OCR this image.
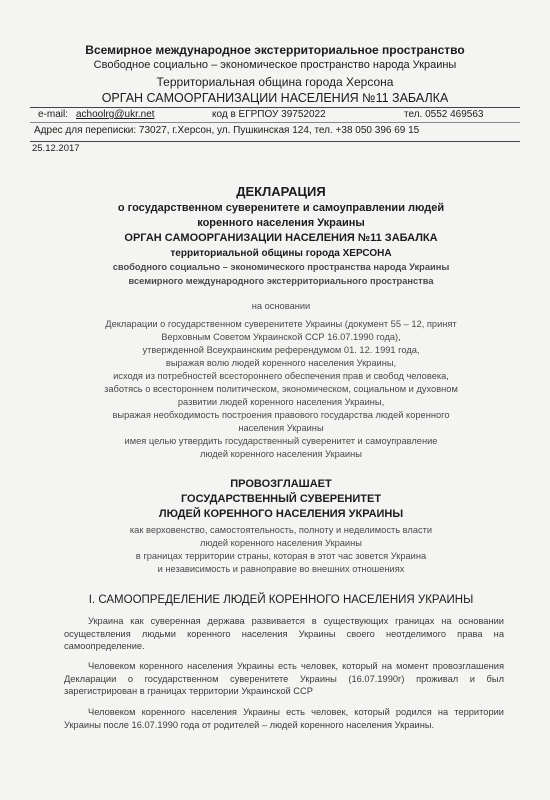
Всемирное международное экстерриториальное пространство
Свободное социально – экономическое пространство народа Украины
Территориальная община города Херсона
ОРГАН САМООРГАНИЗАЦИИ НАСЕЛЕНИЯ №11 ЗАБАЛКА
e-mail: achoolrg@ukr.net	код в ЕГРПОУ 39752022	тел. 0552 469563
Адрес для переписки: 73027, г.Херсон, ул. Пушкинская 124, тел. +38 050 396 69 15
25.12.2017
ДЕКЛАРАЦИЯ
о государственном суверенитете и самоуправлении людей
коренного населения Украины
ОРГАН САМООРГАНИЗАЦИИ НАСЕЛЕНИЯ №11 ЗАБАЛКА
территориальной общины города ХЕРСОНА
свободного социально – экономического пространства народа Украины
всемирного международного экстерриториального пространства
на основании
Декларации о государственном суверенитете Украины (документ 55 – 12, принят
Верховным Советом Украинской ССР 16.07.1990 года),
утвержденной Всеукраинским референдумом 01. 12. 1991 года,
выражая волю людей коренного населения Украины,
исходя из потребностей всестороннего обеспечения прав и свобод человека,
заботясь о всестороннем политическом, экономическом, социальном и духовном
развитии людей коренного населения Украины,
выражая необходимость построения правового государства людей коренного
населения Украины
имея целью утвердить государственный суверенитет и самоуправление
людей коренного населения Украины
ПРОВОЗГЛАШАЕТ
ГОСУДАРСТВЕННЫЙ СУВЕРЕНИТЕТ
ЛЮДЕЙ КОРЕННОГО НАСЕЛЕНИЯ УКРАИНЫ
как верховенство, самостоятельность, полноту и неделимость власти
людей коренного населения Украины
в границах территории страны, которая в этот час зовется Украина
и независимость и равноправие во внешних отношениях
I. САМООПРЕДЕЛЕНИЕ ЛЮДЕЙ КОРЕННОГО НАСЕЛЕНИЯ УКРАИНЫ

Украина как суверенная держава развивается в существующих границах на основании осуществления людьми коренного населения Украины своего неотделимого права на самоопределение.

Человеком коренного населения Украины есть человек, который на момент провозглашения Декларации о государственном суверенитете Украины (16.07.1990г) проживал и был зарегистрирован в границах территории Украинской ССР

Человеком коренного населения Украины есть человек, который родился на территории Украины после 16.07.1990 года от родителей – людей коренного населения Украины.
